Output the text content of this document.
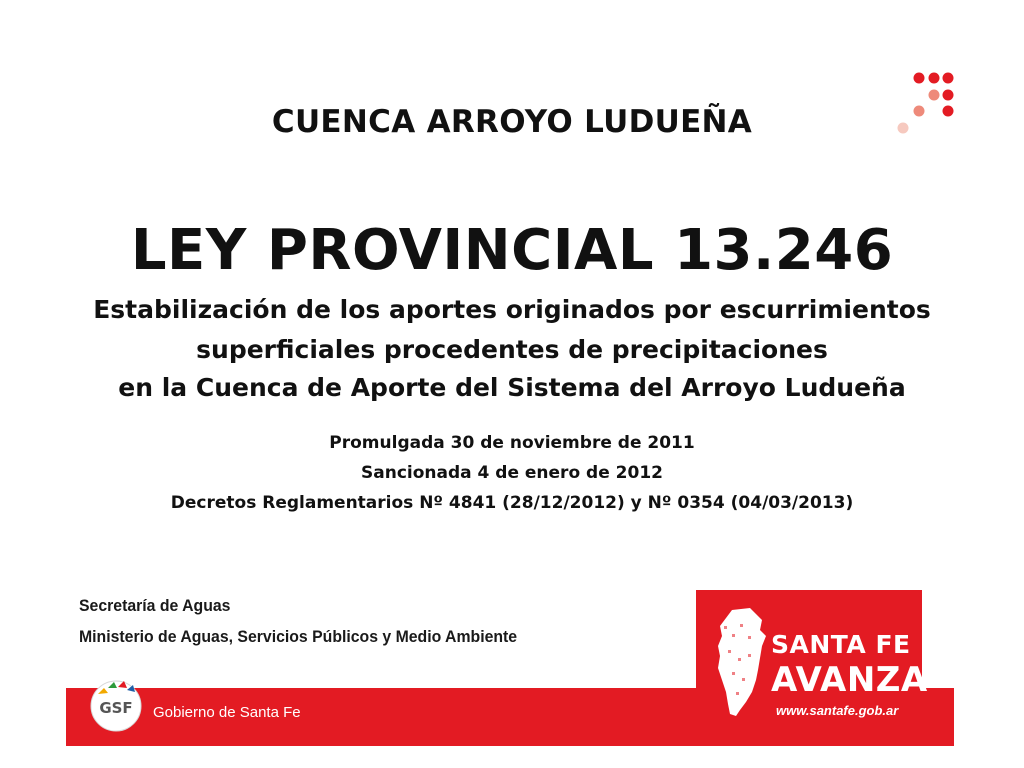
CUENCA ARROYO LUDUEÑA
LEY PROVINCIAL 13.246
Estabilización de los aportes originados por escurrimientos
superficiales procedentes de precipitaciones
en la Cuenca de Aporte del Sistema del Arroyo Ludueña
Promulgada 30 de noviembre de 2011
Sancionada 4 de enero de 2012
Decretos Reglamentarios Nº 4841 (28/12/2012) y Nº 0354 (04/03/2013)
Secretaría de Aguas
Ministerio de Aguas, Servicios Públicos y Medio Ambiente
GSF Gobierno de Santa Fe
SANTA FE
AVANZA
www.santafe.gob.ar
